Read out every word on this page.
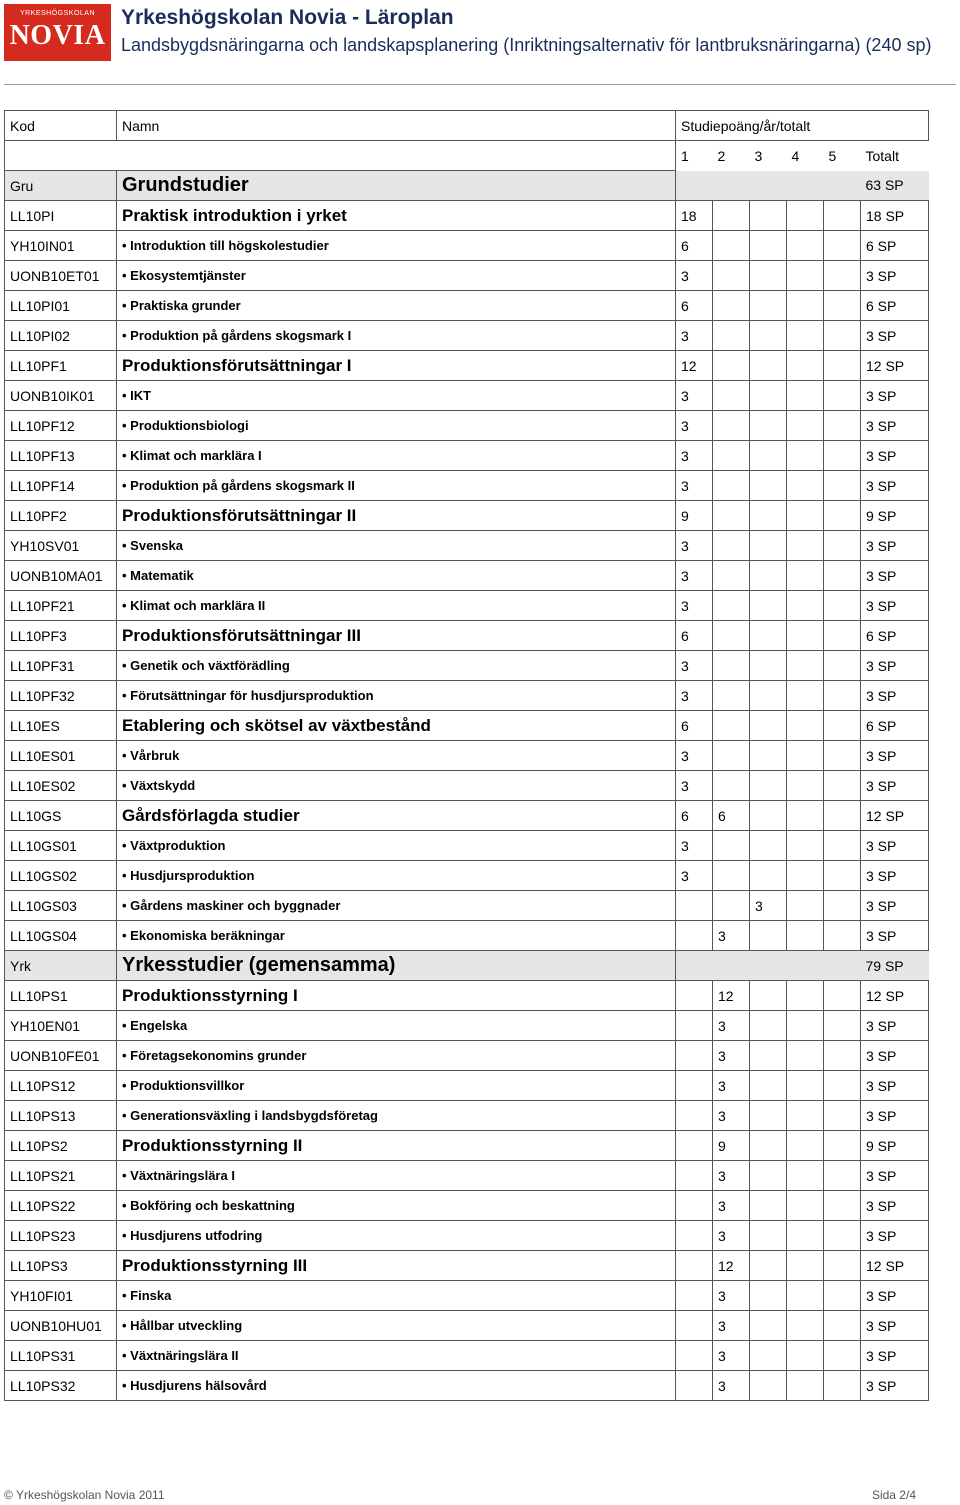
YRKESHÖGSKOLAN
NOVIA
Yrkeshögskolan Novia - Läroplan
Landsbygdsnäringarna och landskapsplanering (Inriktningsalternativ för lantbruksnäringarna) (240 sp)
Kod	Namn	Studiepoäng/år/totalt					
		1	2	3	4	5	Totalt
Gru	Grundstudier						63 SP
LL10PI	Praktisk introduktion i yrket	18					18 SP
YH10IN01	• Introduktion till högskolestudier	6					6 SP
UONB10ET01	• Ekosystemtjänster	3					3 SP
LL10PI01	• Praktiska grunder	6					6 SP
LL10PI02	• Produktion på gårdens skogsmark I	3					3 SP
LL10PF1	Produktionsförutsättningar I	12					12 SP
UONB10IK01	• IKT	3					3 SP
LL10PF12	• Produktionsbiologi	3					3 SP
LL10PF13	• Klimat och marklära I	3					3 SP
LL10PF14	• Produktion på gårdens skogsmark II	3					3 SP
LL10PF2	Produktionsförutsättningar II	9					9 SP
YH10SV01	• Svenska	3					3 SP
UONB10MA01	• Matematik	3					3 SP
LL10PF21	• Klimat och marklära II	3					3 SP
LL10PF3	Produktionsförutsättningar III	6					6 SP
LL10PF31	• Genetik och växtförädling	3					3 SP
LL10PF32	• Förutsättningar för husdjursproduktion	3					3 SP
LL10ES	Etablering och skötsel av växtbestånd	6					6 SP
LL10ES01	• Vårbruk	3					3 SP
LL10ES02	• Växtskydd	3					3 SP
LL10GS	Gårdsförlagda studier	6	6				12 SP
LL10GS01	• Växtproduktion	3					3 SP
LL10GS02	• Husdjursproduktion	3					3 SP
LL10GS03	• Gårdens maskiner och byggnader			3			3 SP
LL10GS04	• Ekonomiska beräkningar		3				3 SP
Yrk	Yrkesstudier (gemensamma)						79 SP
LL10PS1	Produktionsstyrning I		12				12 SP
YH10EN01	• Engelska		3				3 SP
UONB10FE01	• Företagsekonomins grunder		3				3 SP
LL10PS12	• Produktionsvillkor		3				3 SP
LL10PS13	• Generationsväxling i landsbygdsföretag		3				3 SP
LL10PS2	Produktionsstyrning II		9				9 SP
LL10PS21	• Växtnäringslära I		3				3 SP
LL10PS22	• Bokföring och beskattning		3				3 SP
LL10PS23	• Husdjurens utfodring		3				3 SP
LL10PS3	Produktionsstyrning III		12				12 SP
YH10FI01	• Finska		3				3 SP
UONB10HU01	• Hållbar utveckling		3				3 SP
LL10PS31	• Växtnäringslära II		3				3 SP
LL10PS32	• Husdjurens hälsovård		3				3 SP
© Yrkeshögskolan Novia 2011	Sida 2/4
